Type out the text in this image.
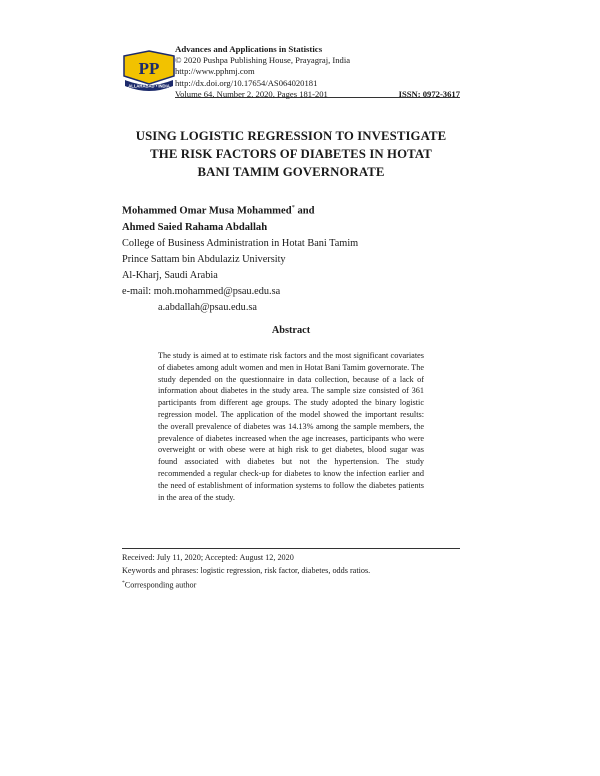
PP
ALLAHABAD • INDIA
Advances and Applications in Statistics
© 2020 Pushpa Publishing House, Prayagraj, India
http://www.pphmj.com
http://dx.doi.org/10.17654/AS064020181
Volume 64, Number 2, 2020, Pages 181-201	ISSN: 0972-3617
USING LOGISTIC REGRESSION TO INVESTIGATE
THE RISK FACTORS OF DIABETES IN HOTAT
BANI TAMIM GOVERNORATE
Mohammed Omar Musa Mohammed* and
Ahmed Saied Rahama Abdallah
College of Business Administration in Hotat Bani Tamim
Prince Sattam bin Abdulaziz University
Al-Kharj, Saudi Arabia
e-mail: moh.mohammed@psau.edu.sa
a.abdallah@psau.edu.sa
Abstract
The study is aimed at to estimate risk factors and the most significant covariates of diabetes among adult women and men in Hotat Bani Tamim governorate. The study depended on the questionnaire in data collection, because of a lack of information about diabetes in the study area. The sample size consisted of 361 participants from different age groups. The study adopted the binary logistic regression model. The application of the model showed the important results: the overall prevalence of diabetes was 14.13% among the sample members, the prevalence of diabetes increased when the age increases, participants who were overweight or with obese were at high risk to get diabetes, blood sugar was found associated with diabetes but not the hypertension. The study recommended a regular check-up for diabetes to know the infection earlier and the need of establishment of information systems to follow the diabetes patients in the area of the study.
Received: July 11, 2020; Accepted: August 12, 2020
Keywords and phrases: logistic regression, risk factor, diabetes, odds ratios.
*Corresponding author
